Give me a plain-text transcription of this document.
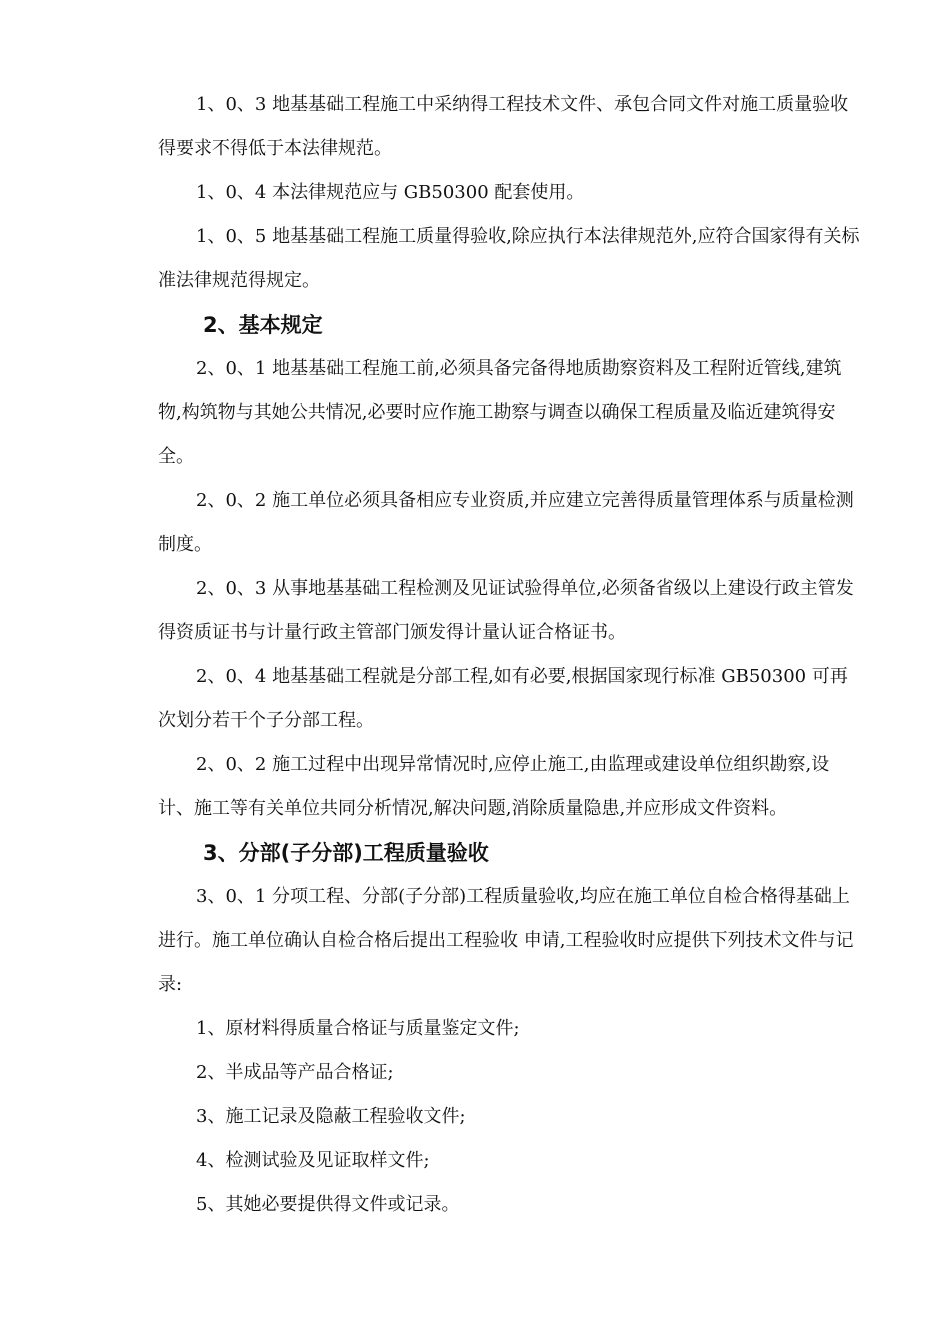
1、0、3 地基基础工程施工中采纳得工程技术文件、承包合同文件对施工质量验收得要求不得低于本法律规范。

1、0、4 本法律规范应与 GB50300 配套使用。

1、0、5 地基基础工程施工质量得验收,除应执行本法律规范外,应符合国家得有关标准法律规范得规定。

2、基本规定

2、0、1 地基基础工程施工前,必须具备完备得地质勘察资料及工程附近管线,建筑物,构筑物与其她公共情况,必要时应作施工勘察与调查以确保工程质量及临近建筑得安全。

2、0、2 施工单位必须具备相应专业资质,并应建立完善得质量管理体系与质量检测制度。

2、0、3 从事地基基础工程检测及见证试验得单位,必须备省级以上建设行政主管发得资质证书与计量行政主管部门颁发得计量认证合格证书。

2、0、4 地基基础工程就是分部工程,如有必要,根据国家现行标准 GB50300 可再次划分若干个子分部工程。

2、0、2 施工过程中出现异常情况时,应停止施工,由监理或建设单位组织勘察,设计、施工等有关单位共同分析情况,解决问题,消除质量隐患,并应形成文件资料。

3、分部(子分部)工程质量验收

3、0、1 分项工程、分部(子分部)工程质量验收,均应在施工单位自检合格得基础上进行。施工单位确认自检合格后提出工程验收 申请,工程验收时应提供下列技术文件与记录:

1、原材料得质量合格证与质量鉴定文件;

2、半成品等产品合格证;

3、施工记录及隐蔽工程验收文件;

4、检测试验及见证取样文件;

5、其她必要提供得文件或记录。
